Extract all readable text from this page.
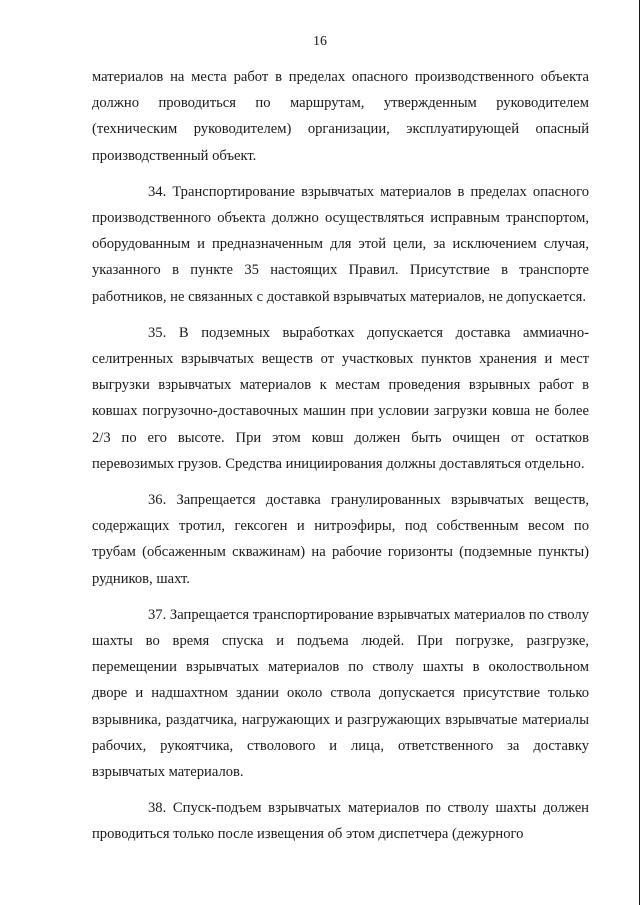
16

материалов на места работ в пределах опасного производственного объекта должно проводиться по маршрутам, утвержденным руководителем (техническим руководителем) организации, эксплуатирующей опасный производственный объект.

34. Транспортирование взрывчатых материалов в пределах опасного производственного объекта должно осуществляться исправным транспортом, оборудованным и предназначенным для этой цели, за исключением случая, указанного в пункте 35 настоящих Правил. Присутствие в транспорте работников, не связанных с доставкой взрывчатых материалов, не допускается.

35. В подземных выработках допускается доставка аммиачно-селитренных взрывчатых веществ от участковых пунктов хранения и мест выгрузки взрывчатых материалов к местам проведения взрывных работ в ковшах погрузочно-доставочных машин при условии загрузки ковша не более 2/3 по его высоте. При этом ковш должен быть очищен от остатков перевозимых грузов. Средства инициирования должны доставляться отдельно.

36. Запрещается доставка гранулированных взрывчатых веществ, содержащих тротил, гексоген и нитроэфиры, под собственным весом по трубам (обсаженным скважинам) на рабочие горизонты (подземные пункты) рудников, шахт.

37. Запрещается транспортирование взрывчатых материалов по стволу шахты во время спуска и подъема людей. При погрузке, разгрузке, перемещении взрывчатых материалов по стволу шахты в околоствольном дворе и надшахтном здании около ствола допускается присутствие только взрывника, раздатчика, нагружающих и разгружающих взрывчатые материалы рабочих, рукоятчика, стволового и лица, ответственного за доставку взрывчатых материалов.

38. Спуск-подъем взрывчатых материалов по стволу шахты должен проводиться только после извещения об этом диспетчера (дежурного
